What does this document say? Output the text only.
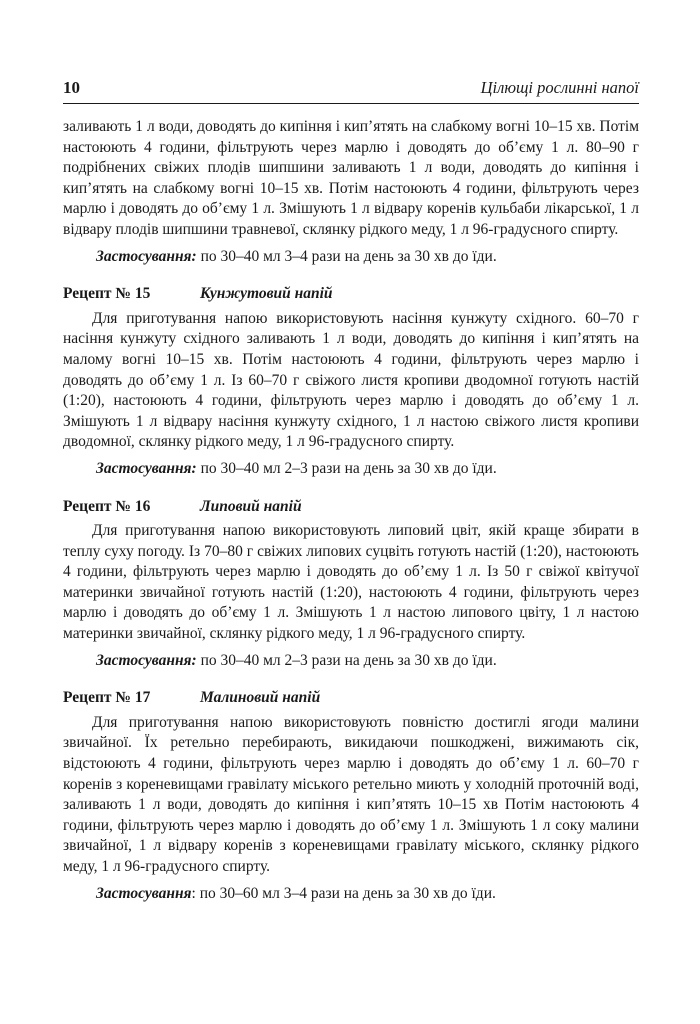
10	Цілющі рослинні напої

заливають 1 л води, доводять до кипіння і кип’ятять на слабкому вогні 10–15 хв. Потім настоюють 4 години, фільтрують через марлю і доводять до об’єму 1 л. 80–90 г подрібнених свіжих плодів шипшини заливають 1 л води, доводять до кипіння і кип’ятять на слабкому вогні 10–15 хв. Потім настоюють 4 години, фільтрують через марлю і доводять до об’єму 1 л. Змішують 1 л відвару коренів кульбаби лікарської, 1 л відвару плодів шипшини травневої, склянку рідкого меду, 1 л 96-градусного спирту.

Застосування: по 30–40 мл 3–4 рази на день за 30 хв до їди.

Рецепт № 15	Кунжутовий напій

Для приготування напою використовують насіння кунжуту східного. 60–70 г насіння кунжуту східного заливають 1 л води, доводять до кипіння і кип’ятять на малому вогні 10–15 хв. Потім настоюють 4 години, фільтрують через марлю і доводять до об’єму 1 л. Із 60–70 г свіжого листя кропиви дводомної готують настій (1:20), настоюють 4 години, фільтрують через марлю і доводять до об’єму 1 л. Змішують 1 л відвару насіння кунжуту східного, 1 л настою свіжого листя кропиви дводомної, склянку рідкого меду, 1 л 96-градусного спирту.

Застосування: по 30–40 мл 2–3 рази на день за 30 хв до їди.

Рецепт № 16	Липовий напій

Для приготування напою використовують липовий цвіт, якій краще збирати в теплу суху погоду. Із 70–80 г свіжих липових суцвіть готують настій (1:20), настоюють 4 години, фільтрують через марлю і доводять до об’єму 1 л. Із 50 г свіжої квітучої материнки звичайної готують настій (1:20), настоюють 4 години, фільтрують через марлю і доводять до об’єму 1 л. Змішують 1 л настою липового цвіту, 1 л настою материнки звичайної, склянку рідкого меду, 1 л 96-градусного спирту.

Застосування: по 30–40 мл 2–3 рази на день за 30 хв до їди.

Рецепт № 17	Малиновий напій

Для приготування напою використовують повністю достиглі ягоди малини звичайної. Їх ретельно перебирають, викидаючи пошкоджені, вижимають сік, відстоюють 4 години, фільтрують через марлю і доводять до об’єму 1 л. 60–70 г коренів з кореневищами гравілату міського ретельно миють у холодній проточній воді, заливають 1 л води, доводять до кипіння і кип’ятять 10–15 хв Потім настоюють 4 години, фільтрують через марлю і доводять до об’єму 1 л. Змішують 1 л соку малини звичайної, 1 л відвару коренів з кореневищами гравілату міського, склянку рідкого меду, 1 л 96-градусного спирту.

Застосування: по 30–60 мл 3–4 рази на день за 30 хв до їди.
